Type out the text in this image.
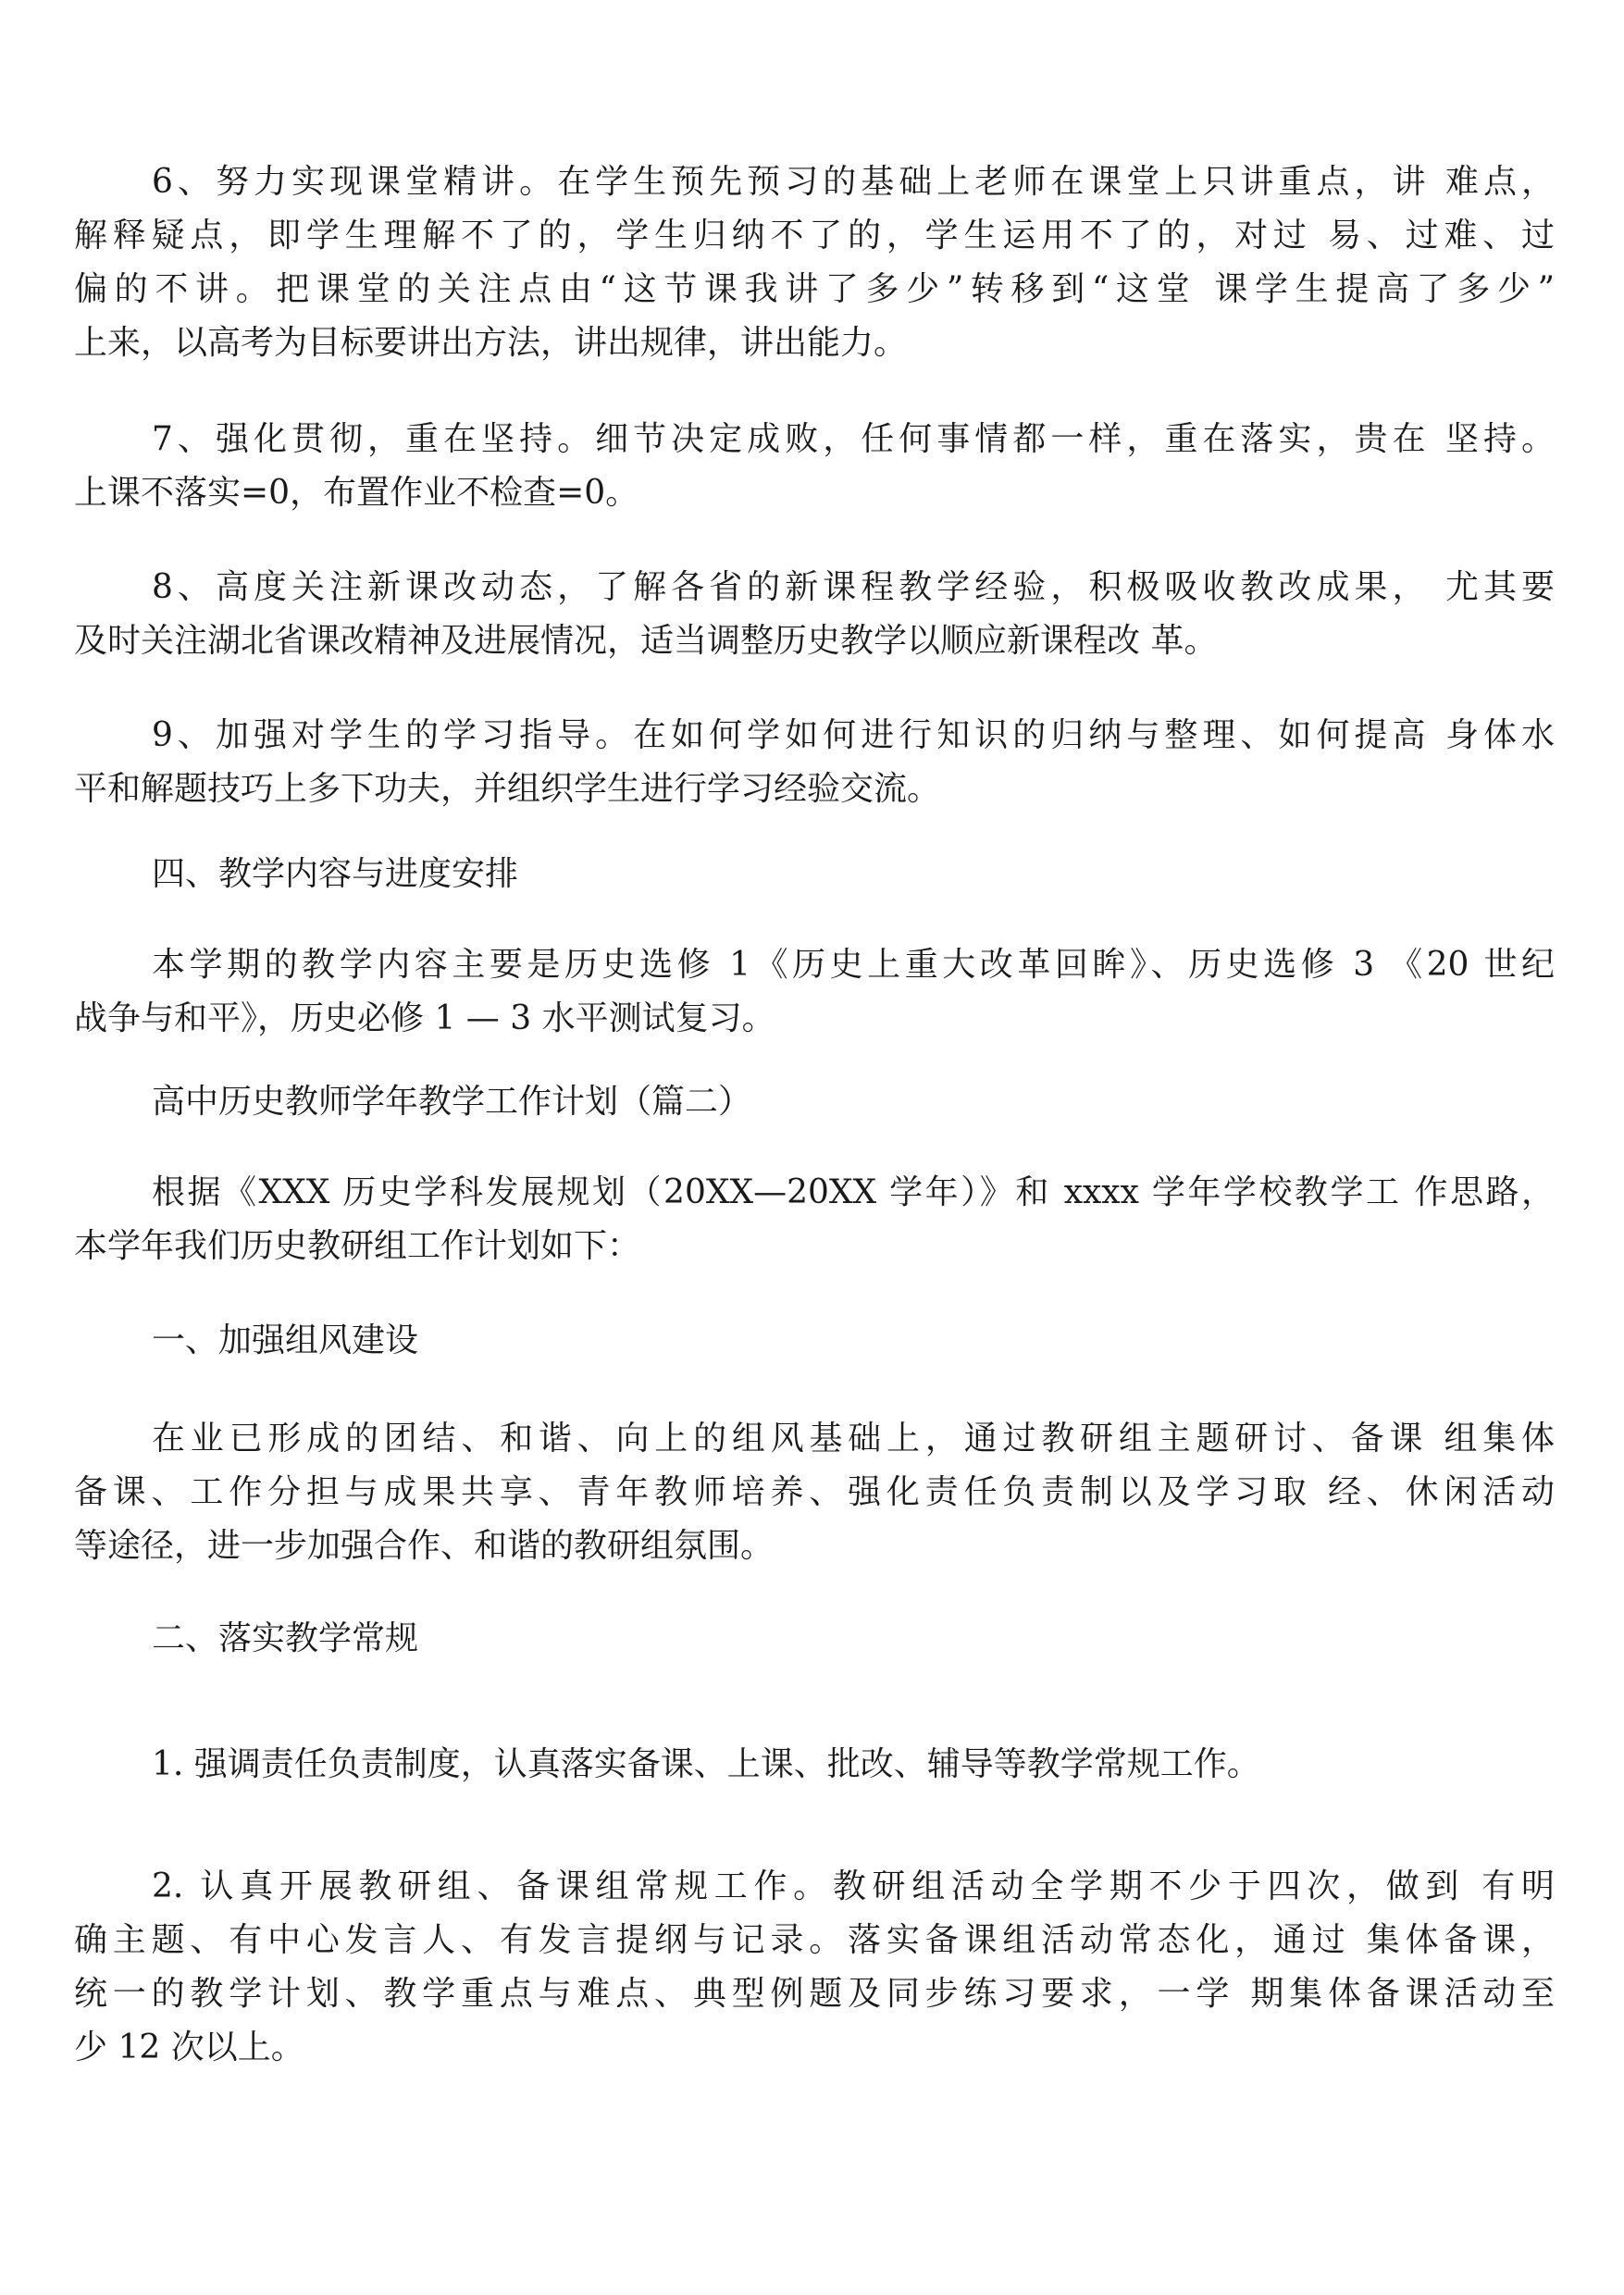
6、努力实现课堂精讲。在学生预先预习的基础上老师在课堂上只讲重点，讲 难点，
解释疑点，即学生理解不了的，学生归纳不了的，学生运用不了的，对过 易、过难、过
偏的不讲。把课堂的关注点由“这节课我讲了多少”转移到“这堂 课学生提高了多少”
上来，以高考为目标要讲出方法，讲出规律，讲出能力。
7、强化贯彻，重在坚持。细节决定成败，任何事情都一样，重在落实，贵在 坚持。
上课不落实=0，布置作业不检查=0。
8、高度关注新课改动态，了解各省的新课程教学经验，积极吸收教改成果， 尤其要
及时关注湖北省课改精神及进展情况，适当调整历史教学以顺应新课程改 革。
9、加强对学生的学习指导。在如何学如何进行知识的归纳与整理、如何提高 身体水
平和解题技巧上多下功夫，并组织学生进行学习经验交流。
四、教学内容与进度安排
本学期的教学内容主要是历史选修 1《历史上重大改革回眸》、历史选修 3 《20 世纪
战争与和平》，历史必修 1 — 3 水平测试复习。
高中历史教师学年教学工作计划（篇二）
根据《XXX 历史学科发展规划（20XX—20XX 学年）》和 xxxx 学年学校教学工 作思路，
本学年我们历史教研组工作计划如下：
一、加强组风建设
在业已形成的团结、和谐、向上的组风基础上，通过教研组主题研讨、备课 组集体
备课、工作分担与成果共享、青年教师培养、强化责任负责制以及学习取 经、休闲活动
等途径，进一步加强合作、和谐的教研组氛围。
二、落实教学常规
1. 强调责任负责制度，认真落实备课、上课、批改、辅导等教学常规工作。
2. 认真开展教研组、备课组常规工作。教研组活动全学期不少于四次，做到 有明
确主题、有中心发言人、有发言提纲与记录。落实备课组活动常态化，通过 集体备课，
统一的教学计划、教学重点与难点、典型例题及同步练习要求，一学 期集体备课活动至
少 12 次以上。
